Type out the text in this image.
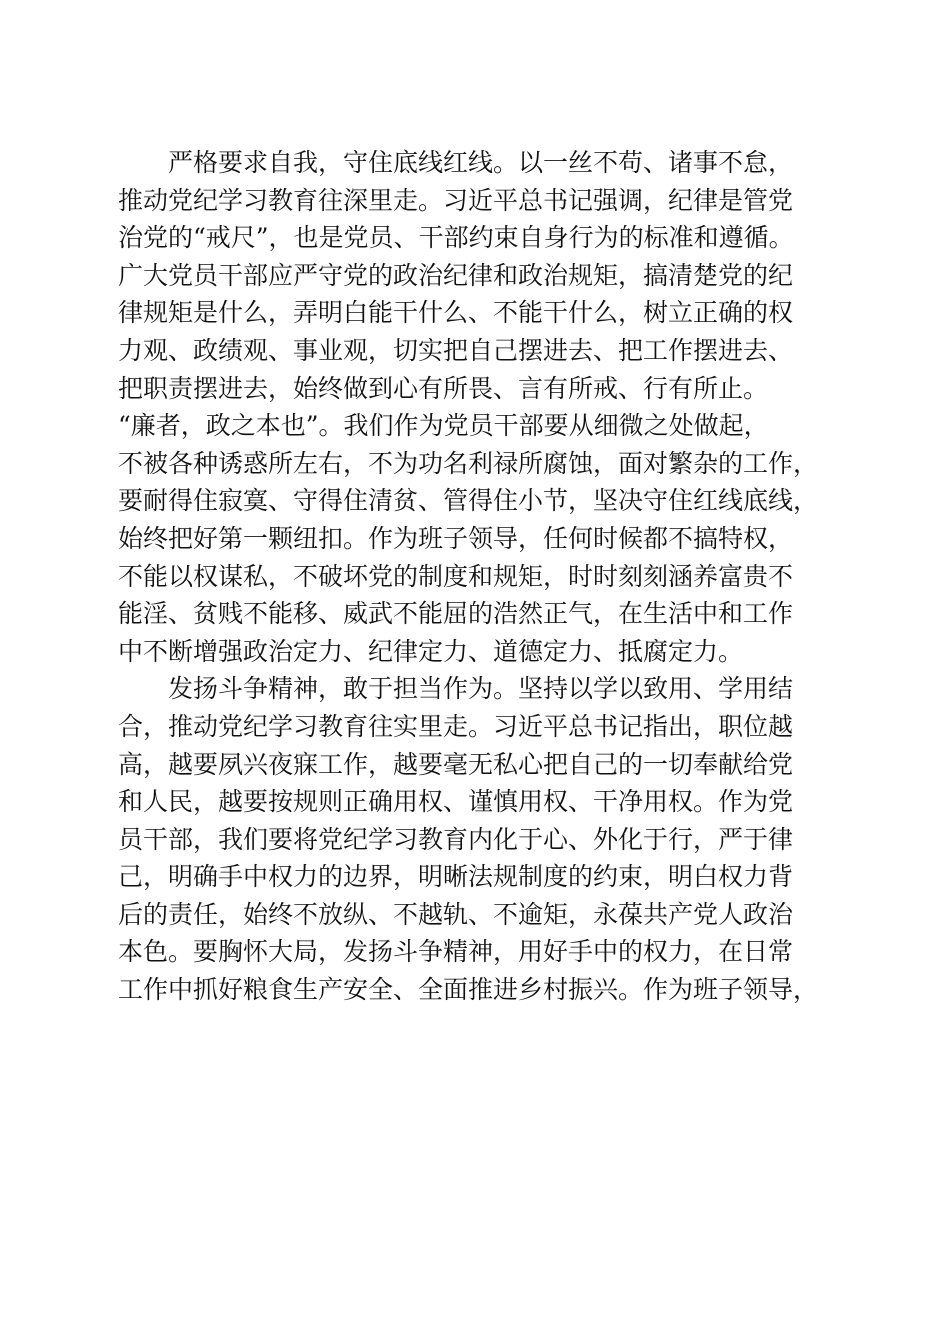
严格要求自我，守住底线红线。以一丝不苟、诸事不怠，
推动党纪学习教育往深里走。习近平总书记强调，纪律是管党
治党的“戒尺”，也是党员、干部约束自身行为的标准和遵循。
广大党员干部应严守党的政治纪律和政治规矩，搞清楚党的纪
律规矩是什么，弄明白能干什么、不能干什么，树立正确的权
力观、政绩观、事业观，切实把自己摆进去、把工作摆进去、
把职责摆进去，始终做到心有所畏、言有所戒、行有所止。
“廉者，政之本也”。我们作为党员干部要从细微之处做起，
不被各种诱惑所左右，不为功名利禄所腐蚀，面对繁杂的工作，
要耐得住寂寞、守得住清贫、管得住小节，坚决守住红线底线，
始终把好第一颗纽扣。作为班子领导，任何时候都不搞特权，
不能以权谋私，不破坏党的制度和规矩，时时刻刻涵养富贵不
能淫、贫贱不能移、威武不能屈的浩然正气，在生活中和工作
中不断增强政治定力、纪律定力、道德定力、抵腐定力。
发扬斗争精神，敢于担当作为。坚持以学以致用、学用结
合，推动党纪学习教育往实里走。习近平总书记指出，职位越
高，越要夙兴夜寐工作，越要毫无私心把自己的一切奉献给党
和人民，越要按规则正确用权、谨慎用权、干净用权。作为党
员干部，我们要将党纪学习教育内化于心、外化于行，严于律
己，明确手中权力的边界，明晰法规制度的约束，明白权力背
后的责任，始终不放纵、不越轨、不逾矩，永葆共产党人政治
本色。要胸怀大局，发扬斗争精神，用好手中的权力，在日常
工作中抓好粮食生产安全、全面推进乡村振兴。作为班子领导，
